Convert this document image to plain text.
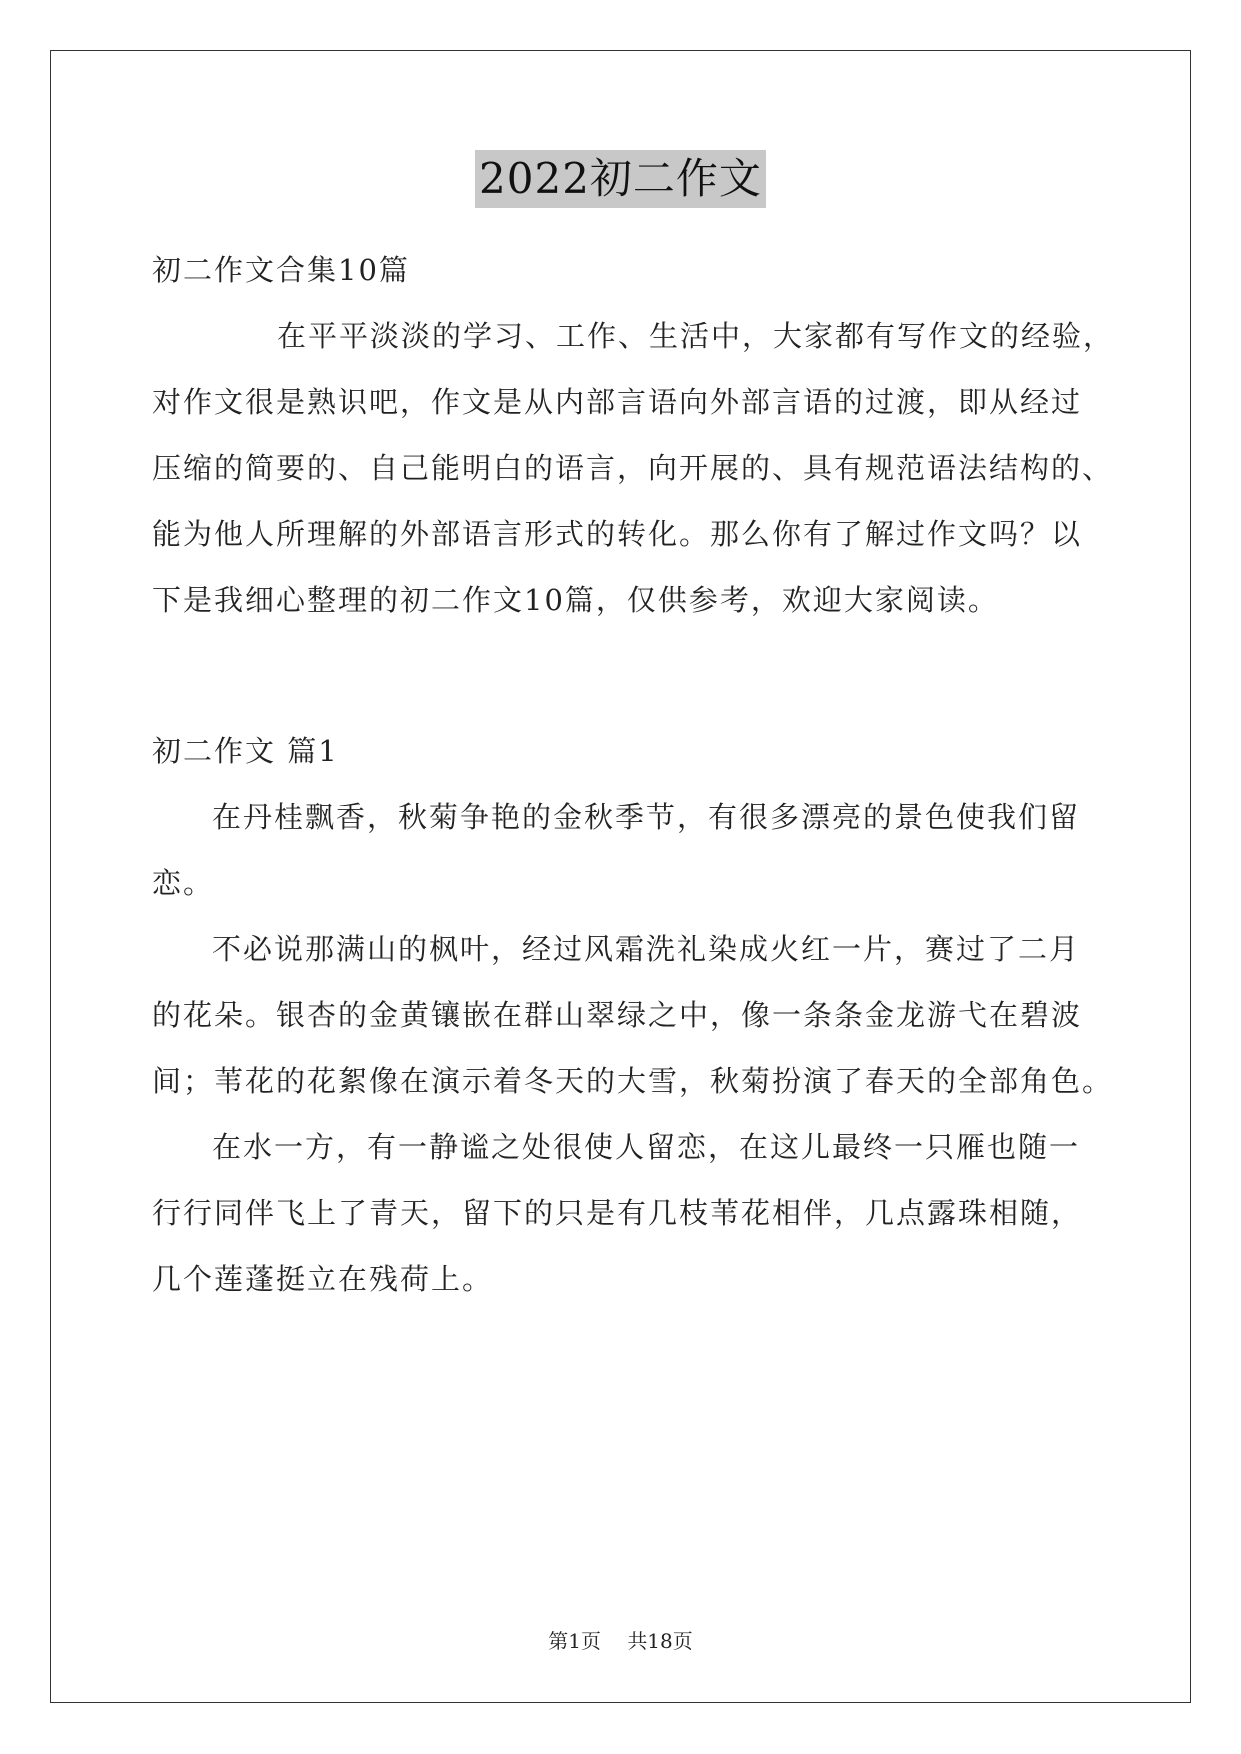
2022初二作文
初二作文合集10篇
在平平淡淡的学习、工作、生活中，大家都有写作文的经验，
对作文很是熟识吧，作文是从内部言语向外部言语的过渡，即从经过
压缩的简要的、自己能明白的语言，向开展的、具有规范语法结构的、
能为他人所理解的外部语言形式的转化。那么你有了解过作文吗？以
下是我细心整理的初二作文10篇，仅供参考，欢迎大家阅读。
初二作文 篇1
在丹桂飘香，秋菊争艳的金秋季节，有很多漂亮的景色使我们留
恋。
不必说那满山的枫叶，经过风霜洗礼染成火红一片，赛过了二月
的花朵。银杏的金黄镶嵌在群山翠绿之中，像一条条金龙游弋在碧波
间；苇花的花絮像在演示着冬天的大雪，秋菊扮演了春天的全部角色。
在水一方，有一静谧之处很使人留恋，在这儿最终一只雁也随一
行行同伴飞上了青天，留下的只是有几枝苇花相伴，几点露珠相随，
几个莲蓬挺立在残荷上。
第1页 共18页
